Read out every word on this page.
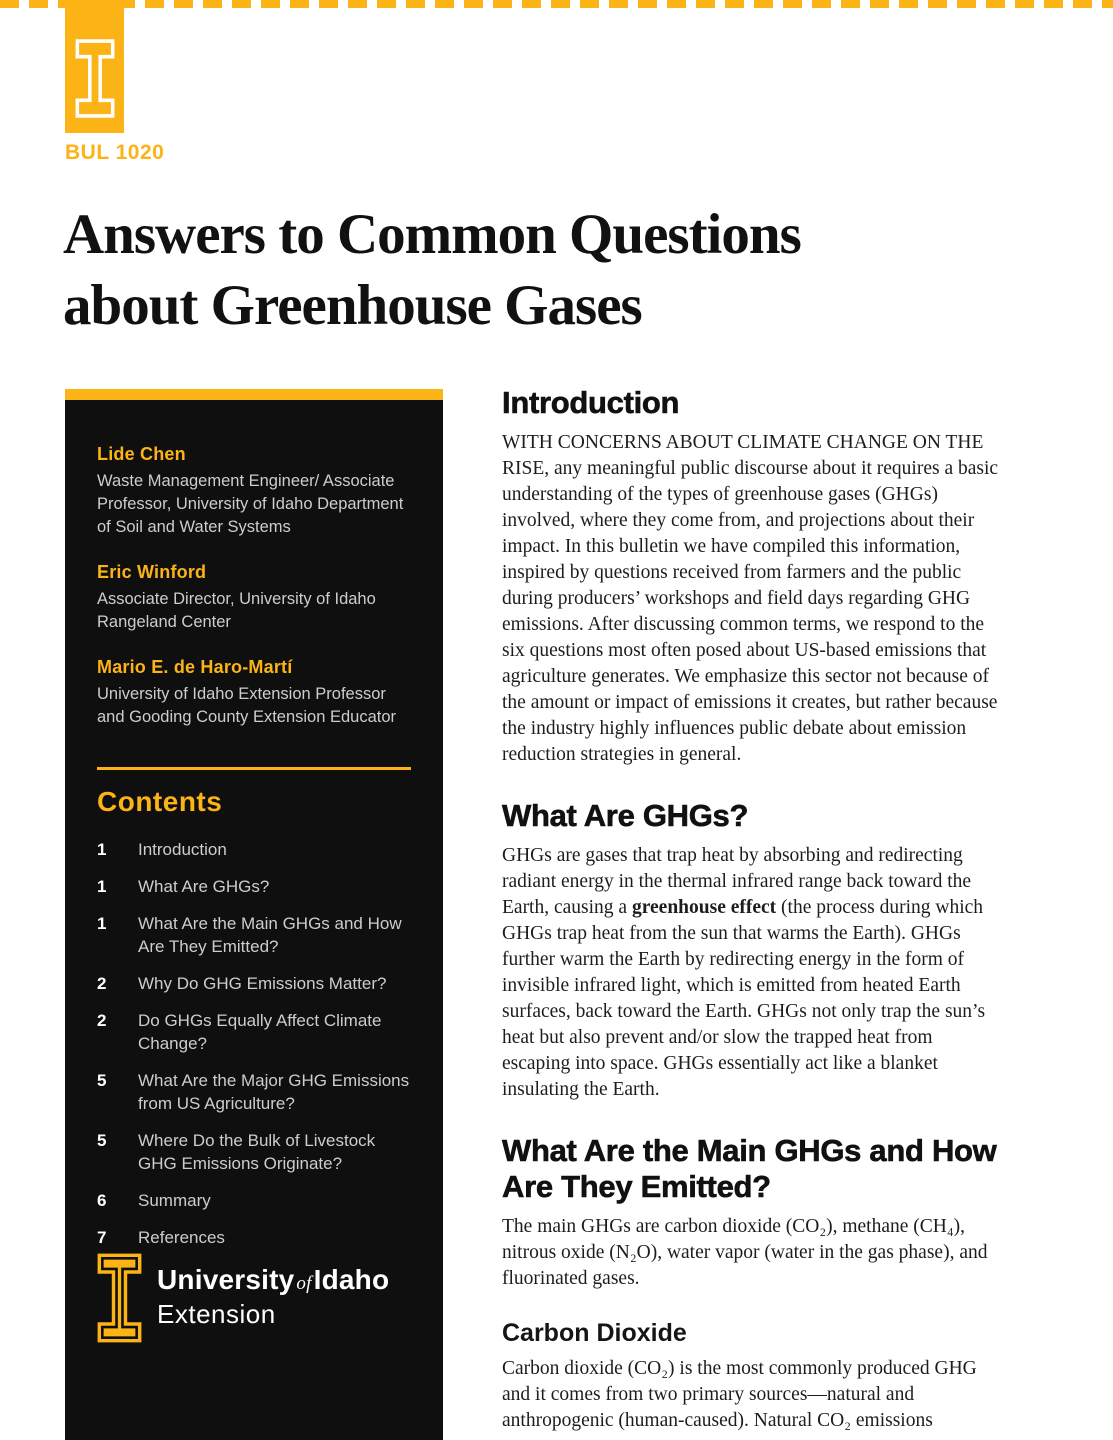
BUL 1020
Answers to Common Questions
about Greenhouse Gases
Lide Chen
Waste Management Engineer/ Associate Professor, University of Idaho Department of Soil and Water Systems
Eric Winford
Associate Director, University of Idaho Rangeland Center
Mario E. de Haro-Martí
University of Idaho Extension Professor and Gooding County Extension Educator
Contents
1	Introduction
1	What Are GHGs?
1	What Are the Main GHGs and How Are They Emitted?
2	Why Do GHG Emissions Matter?
2	Do GHGs Equally Affect Climate Change?
5	What Are the Major GHG Emissions from US Agriculture?
5	Where Do the Bulk of Livestock GHG Emissions Originate?
6	Summary
7	References
University ofIdaho
Extension
Introduction

WITH CONCERNS ABOUT CLIMATE CHANGE ON THE RISE, any meaningful public discourse about it requires a basic understanding of the types of greenhouse gases (GHGs) involved, where they come from, and projections about their impact. In this bulletin we have compiled this information, inspired by questions received from farmers and the public during producers’ workshops and field days regarding GHG emissions. After discussing common terms, we respond to the six questions most often posed about US-based emissions that agriculture generates. We emphasize this sector not because of the amount or impact of emissions it creates, but rather because the industry highly influences public debate about emission reduction strategies in general.

What Are GHGs?

GHGs are gases that trap heat by absorbing and redirecting radiant energy in the thermal infrared range back toward the Earth, causing a greenhouse effect (the process during which GHGs trap heat from the sun that warms the Earth). GHGs further warm the Earth by redirecting energy in the form of invisible infrared light, which is emitted from heated Earth surfaces, back toward the Earth. GHGs not only trap the sun’s heat but also prevent and/or slow the trapped heat from escaping into space. GHGs essentially act like a blanket insulating the Earth.

What Are the Main GHGs and How Are They Emitted?

The main GHGs are carbon dioxide (CO₂), methane (CH₄), nitrous oxide (N₂O), water vapor (water in the gas phase), and fluorinated gases.

Carbon Dioxide

Carbon dioxide (CO₂) is the most commonly produced GHG and it comes from two primary sources—natural and anthropogenic (human-caused). Natural CO₂ emissions
